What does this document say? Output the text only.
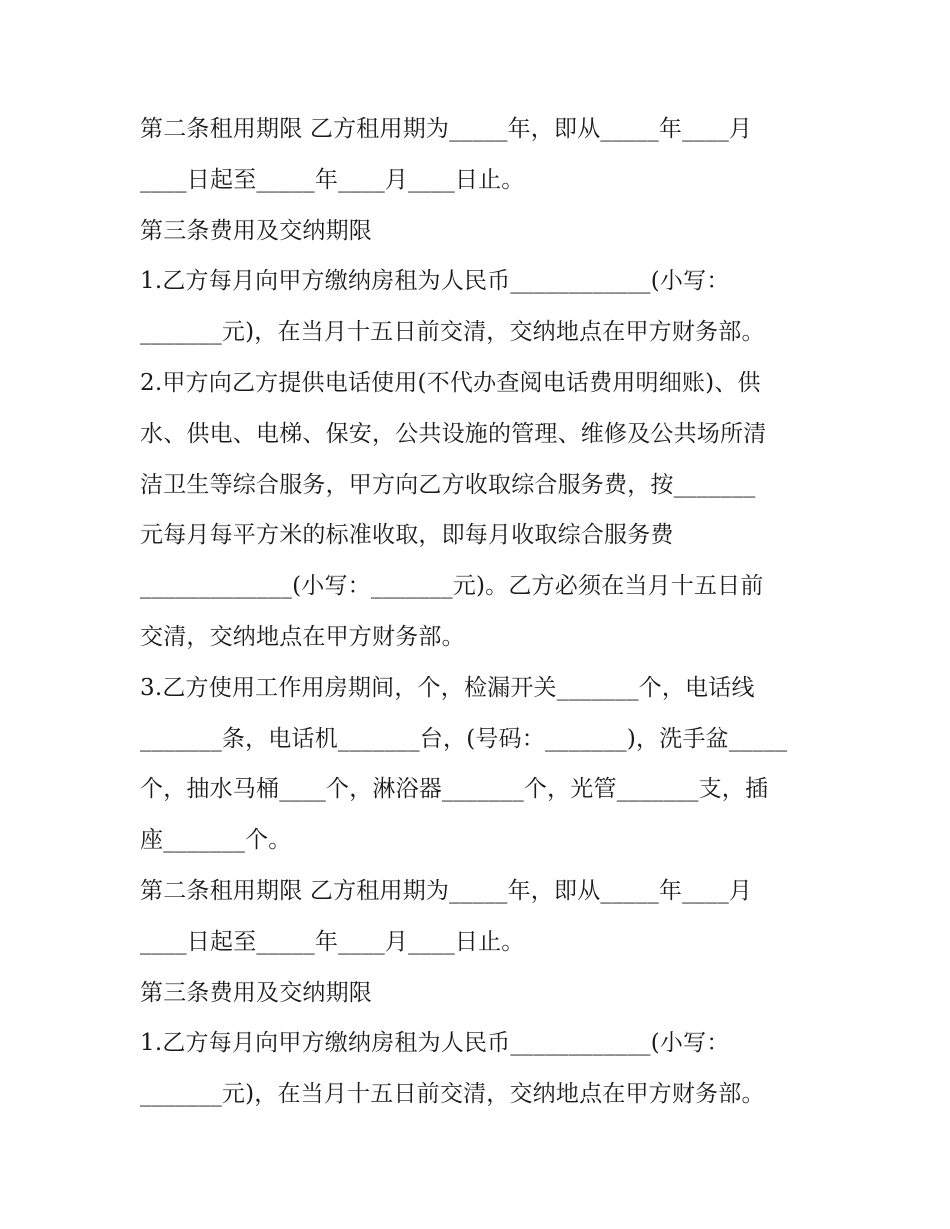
第二条租用期限 乙方租用期为_____年，即从_____年____月
____日起至_____年____月____日止。
第三条费用及交纳期限
1.乙方每月向甲方缴纳房租为人民币____________(小写：
_______元)，在当月十五日前交清，交纳地点在甲方财务部。
2.甲方向乙方提供电话使用(不代办查阅电话费用明细账)、供
水、供电、电梯、保安，公共设施的管理、维修及公共场所清
洁卫生等综合服务，甲方向乙方收取综合服务费，按_______
元每月每平方米的标准收取，即每月收取综合服务费
_____________(小写：_______元)。乙方必须在当月十五日前
交清，交纳地点在甲方财务部。
3.乙方使用工作用房期间，个，检漏开关_______个，电话线
_______条，电话机_______台，(号码：_______)，洗手盆_____
个，抽水马桶____个，淋浴器_______个，光管_______支，插
座_______个。
第二条租用期限 乙方租用期为_____年，即从_____年____月
____日起至_____年____月____日止。
第三条费用及交纳期限
1.乙方每月向甲方缴纳房租为人民币____________(小写：
_______元)，在当月十五日前交清，交纳地点在甲方财务部。
